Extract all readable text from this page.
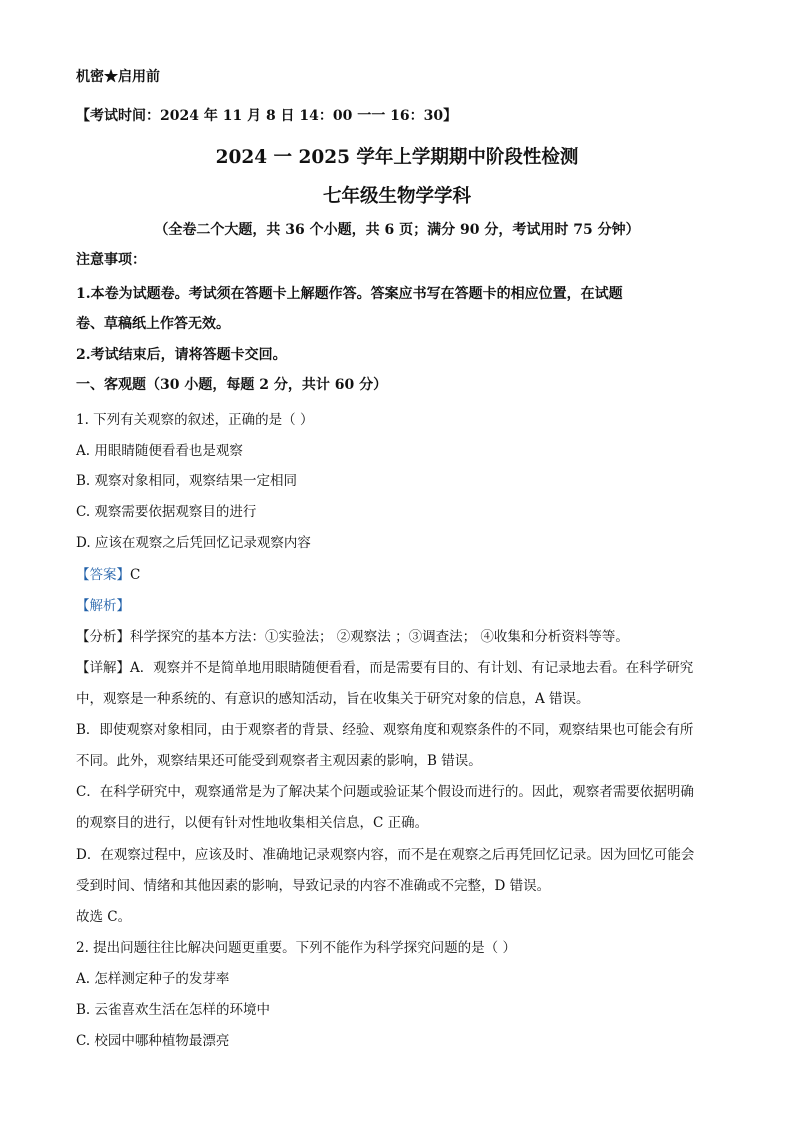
机密★启用前
【考试时间：2024 年 11 月 8 日 14：00 一一 16：30】
2024 一 2025 学年上学期期中阶段性检测
七年级生物学学科
（全卷二个大题，共 36 个小题，共 6 页；满分 90 分，考试用时 75 分钟）
注意事项：
1.本卷为试题卷。考试须在答题卡上解题作答。答案应书写在答题卡的相应位置，在试题
卷、草稿纸上作答无效。
2.考试结束后，请将答题卡交回。
一、客观题（30 小题，每题 2 分，共计 60 分）
1. 下列有关观察的叙述，正确的是（ ）
A. 用眼睛随便看看也是观察
B. 观察对象相同，观察结果一定相同
C. 观察需要依据观察目的进行
D. 应该在观察之后凭回忆记录观察内容
【答案】C
【解析】
【分析】科学探究的基本方法：①实验法； ②观察法 ；③调查法； ④收集和分析资料等等。
【详解】A．观察并不是简单地用眼睛随便看看，而是需要有目的、有计划、有记录地去看。在科学研究
中，观察是一种系统的、有意识的感知活动，旨在收集关于研究对象的信息，A 错误。
B．即使观察对象相同，由于观察者的背景、经验、观察角度和观察条件的不同，观察结果也可能会有所
不同。此外，观察结果还可能受到观察者主观因素的影响，B 错误。
C．在科学研究中，观察通常是为了解决某个问题或验证某个假设而进行的。因此，观察者需要依据明确
的观察目的进行，以便有针对性地收集相关信息，C 正确。
D．在观察过程中，应该及时、准确地记录观察内容，而不是在观察之后再凭回忆记录。因为回忆可能会
受到时间、情绪和其他因素的影响，导致记录的内容不准确或不完整，D 错误。
故选 C。
2. 提出问题往往比解决问题更重要。下列不能作为科学探究问题的是（ ）
A. 怎样测定种子的发芽率
B. 云雀喜欢生活在怎样的环境中
C. 校园中哪种植物最漂亮
